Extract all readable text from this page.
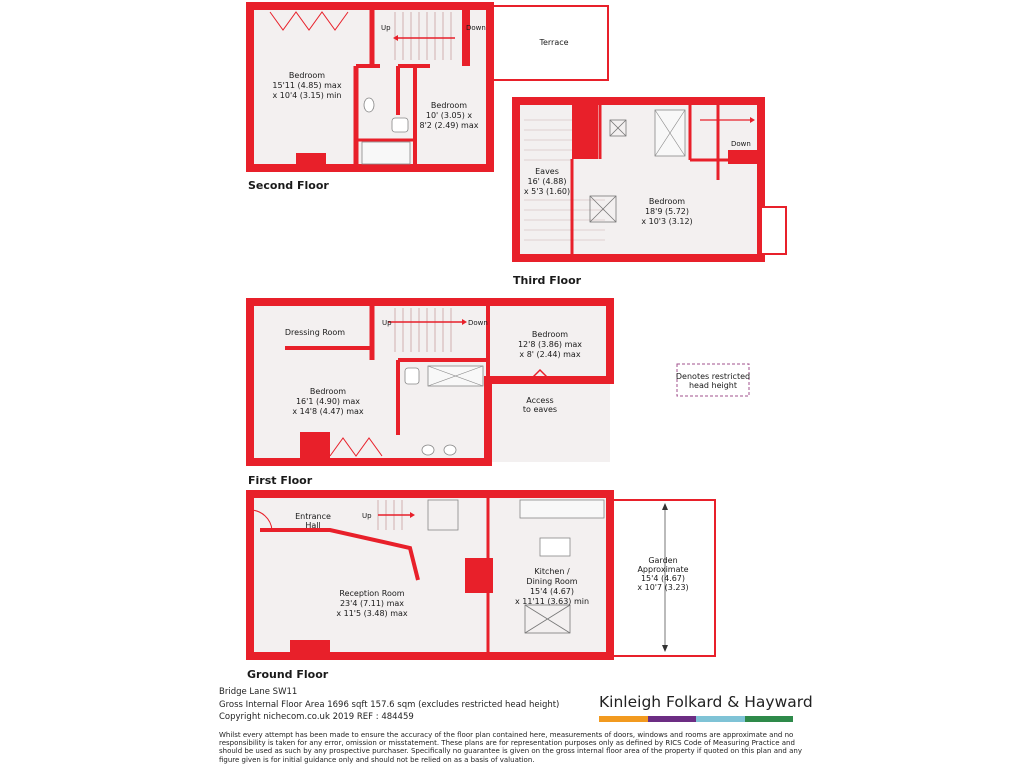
Second Floor
Third Floor
First Floor
Ground Floor
Bedroom
15'11 (4.85) max
x 10'4 (3.15) min
Bedroom
10' (3.05) x
8'2 (2.49) max
Terrace
Up	Down
Eaves
16' (4.88)
x 5'3 (1.60)
Bedroom
18'9 (5.72)
x 10'3 (3.12)
Down
Dressing Room
Bedroom
16'1 (4.90) max
x 14'8 (4.47) max
Bedroom
12'8 (3.86) max
x 8' (2.44) max
Access
to eaves
Up	Down
Denotes restricted
head height
Entrance
Hall
Up
Reception Room
23'4 (7.11) max
x 11'5 (3.48) max
Kitchen /
Dining Room
15'4 (4.67)
x 11'11 (3.63) min
Garden
Approximate
15'4 (4.67)
x 10'7 (3.23)
Bridge Lane SW11
Gross Internal Floor Area 1696 sqft 157.6 sqm (excludes restricted head height)
Copyright nichecom.co.uk 2019 REF : 484459
Kinleigh Folkard & Hayward
Whilst every attempt has been made to ensure the accuracy of the floor plan contained here, measurements of doors, windows and rooms are approximate and no responsibility is taken for any error, omission or misstatement. These plans are for representation purposes only as defined by RICS Code of Measuring Practice and should be used as such by any prospective purchaser. Specifically no guarantee is given on the gross internal floor area of the property if quoted on this plan and any figure given is for initial guidance only and should not be relied on as a basis of valuation.
